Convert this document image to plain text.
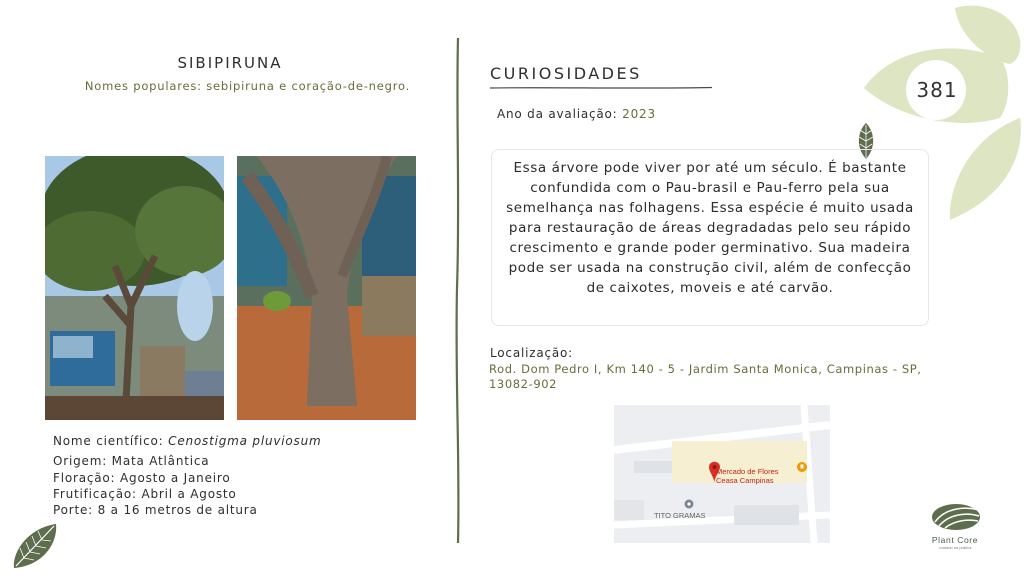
381
SIBIPIRUNA
Nomes populares: sebipiruna e coração-de-negro.
Nome científico: Cenostigma pluviosum
Origem: Mata Atlântica
Floração: Agosto a Janeiro
Frutificação: Abril a Agosto
Porte: 8 a 16 metros de altura
CURIOSIDADES
Ano da avaliação: 2023

Essa árvore pode viver por até um século. É bastante confundida com o Pau-brasil e Pau-ferro pela sua semelhança nas folhagens. Essa espécie é muito usada para restauração de áreas degradadas pelo seu rápido crescimento e grande poder germinativo. Sua madeira pode ser usada na construção civil, além de confecção de caixotes, moveis e até carvão.

Localização:
Rod. Dom Pedro I, Km 140 - 5 - Jardim Santa Monica, Campinas - SP, 13082-902
Mercado de Flores
Ceasa Campinas
TITO GRAMAS
Plant Core
cuidado na prática
